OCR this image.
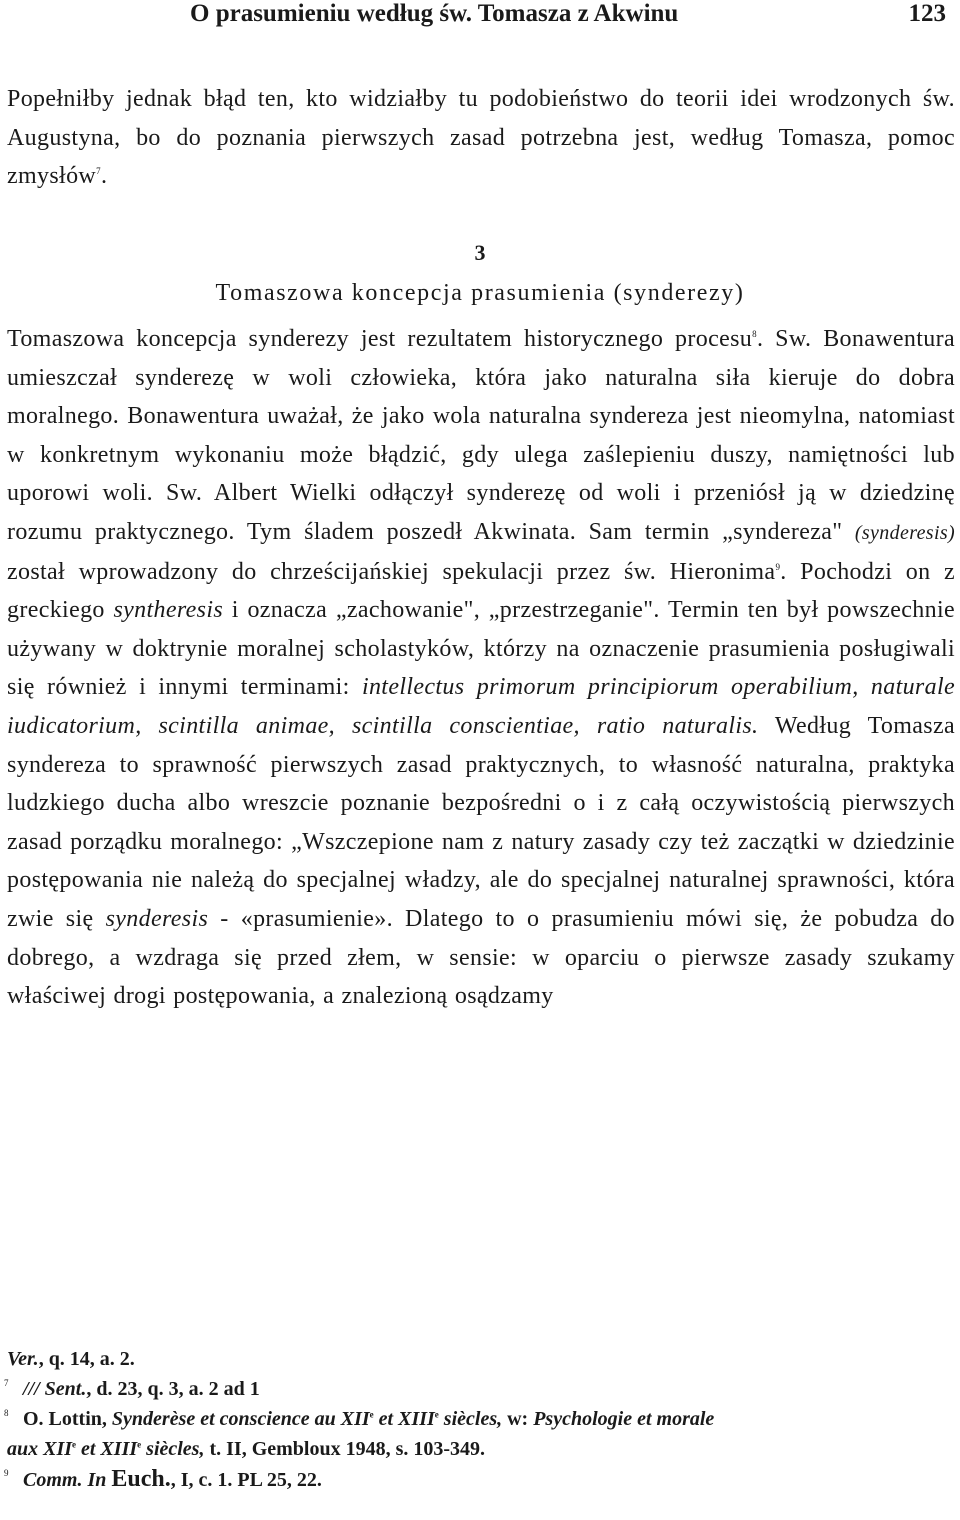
O prasumieniu według św. Tomasza z Akwinu	123

Popełniłby jednak błąd ten, kto widziałby tu podobieństwo do teorii idei wrodzonych św. Augustyna, bo do poznania pierwszych zasad potrzebna jest, według Tomasza, pomoc zmysłów$^7$.

3
Tomaszowa koncepcja prasumienia (synderezy)

Tomaszowa koncepcja synderezy jest rezultatem historycznego procesu$^8$. Sw. Bonawentura umieszczał synderezę w woli człowieka, która jako naturalna siła kieruje do dobra moralnego. Bonawentura uważał, że jako wola naturalna syndereza jest nieomylna, natomiast w konkretnym wykonaniu może błądzić, gdy ulega zaślepieniu duszy, namiętności lub uporowi woli. Sw. Albert Wielki odłączył synderezę od woli i przeniósł ją w dziedzinę rozumu praktycznego. Tym śladem poszedł Akwinata. Sam termin „syndereza" (synderesis) został wprowadzony do chrześcijańskiej spekulacji przez św. Hieronima$^9$. Pochodzi on z greckiego syntheresis i oznacza „zachowanie", „przestrzeganie". Termin ten był powszechnie używany w doktrynie moralnej scholastyków, którzy na oznaczenie prasumienia posługiwali się również i innymi terminami: intellectus primorum principiorum operabilium, naturale iudicatorium, scintilla animae, scintilla conscientiae, ratio naturalis. Według Tomasza syndereza to sprawność pierwszych zasad praktycznych, to własność naturalna, praktyka ludzkiego ducha albo wreszcie poznanie bezpośredni o i z całą oczywistością pierwszych zasad porządku moralnego: „Wszczepione nam z natury zasady czy też zaczątki w dziedzinie postępowania nie należą do specjalnej władzy, ale do specjalnej naturalnej sprawności, która zwie się synderesis - «prasumienie». Dlatego to o prasumieniu mówi się, że pobudza do dobrego, a wzdraga się przed złem, w sensie: w oparciu o pierwsze zasady szukamy właściwej drogi postępowania, a znalezioną osądzamy

Ver., q. 14, a. 2.
7 /// Sent., d. 23, q. 3, a. 2 ad 1
8 O. Lottin, Synderèse et conscience au XIIe et XIIIe siècles, w: Psychologie et morale
aux XIIe et XIIIe siècles, t. II, Gembloux 1948, s. 103-349.
9 Comm. In Euch., I, c. 1. PL 25, 22.
